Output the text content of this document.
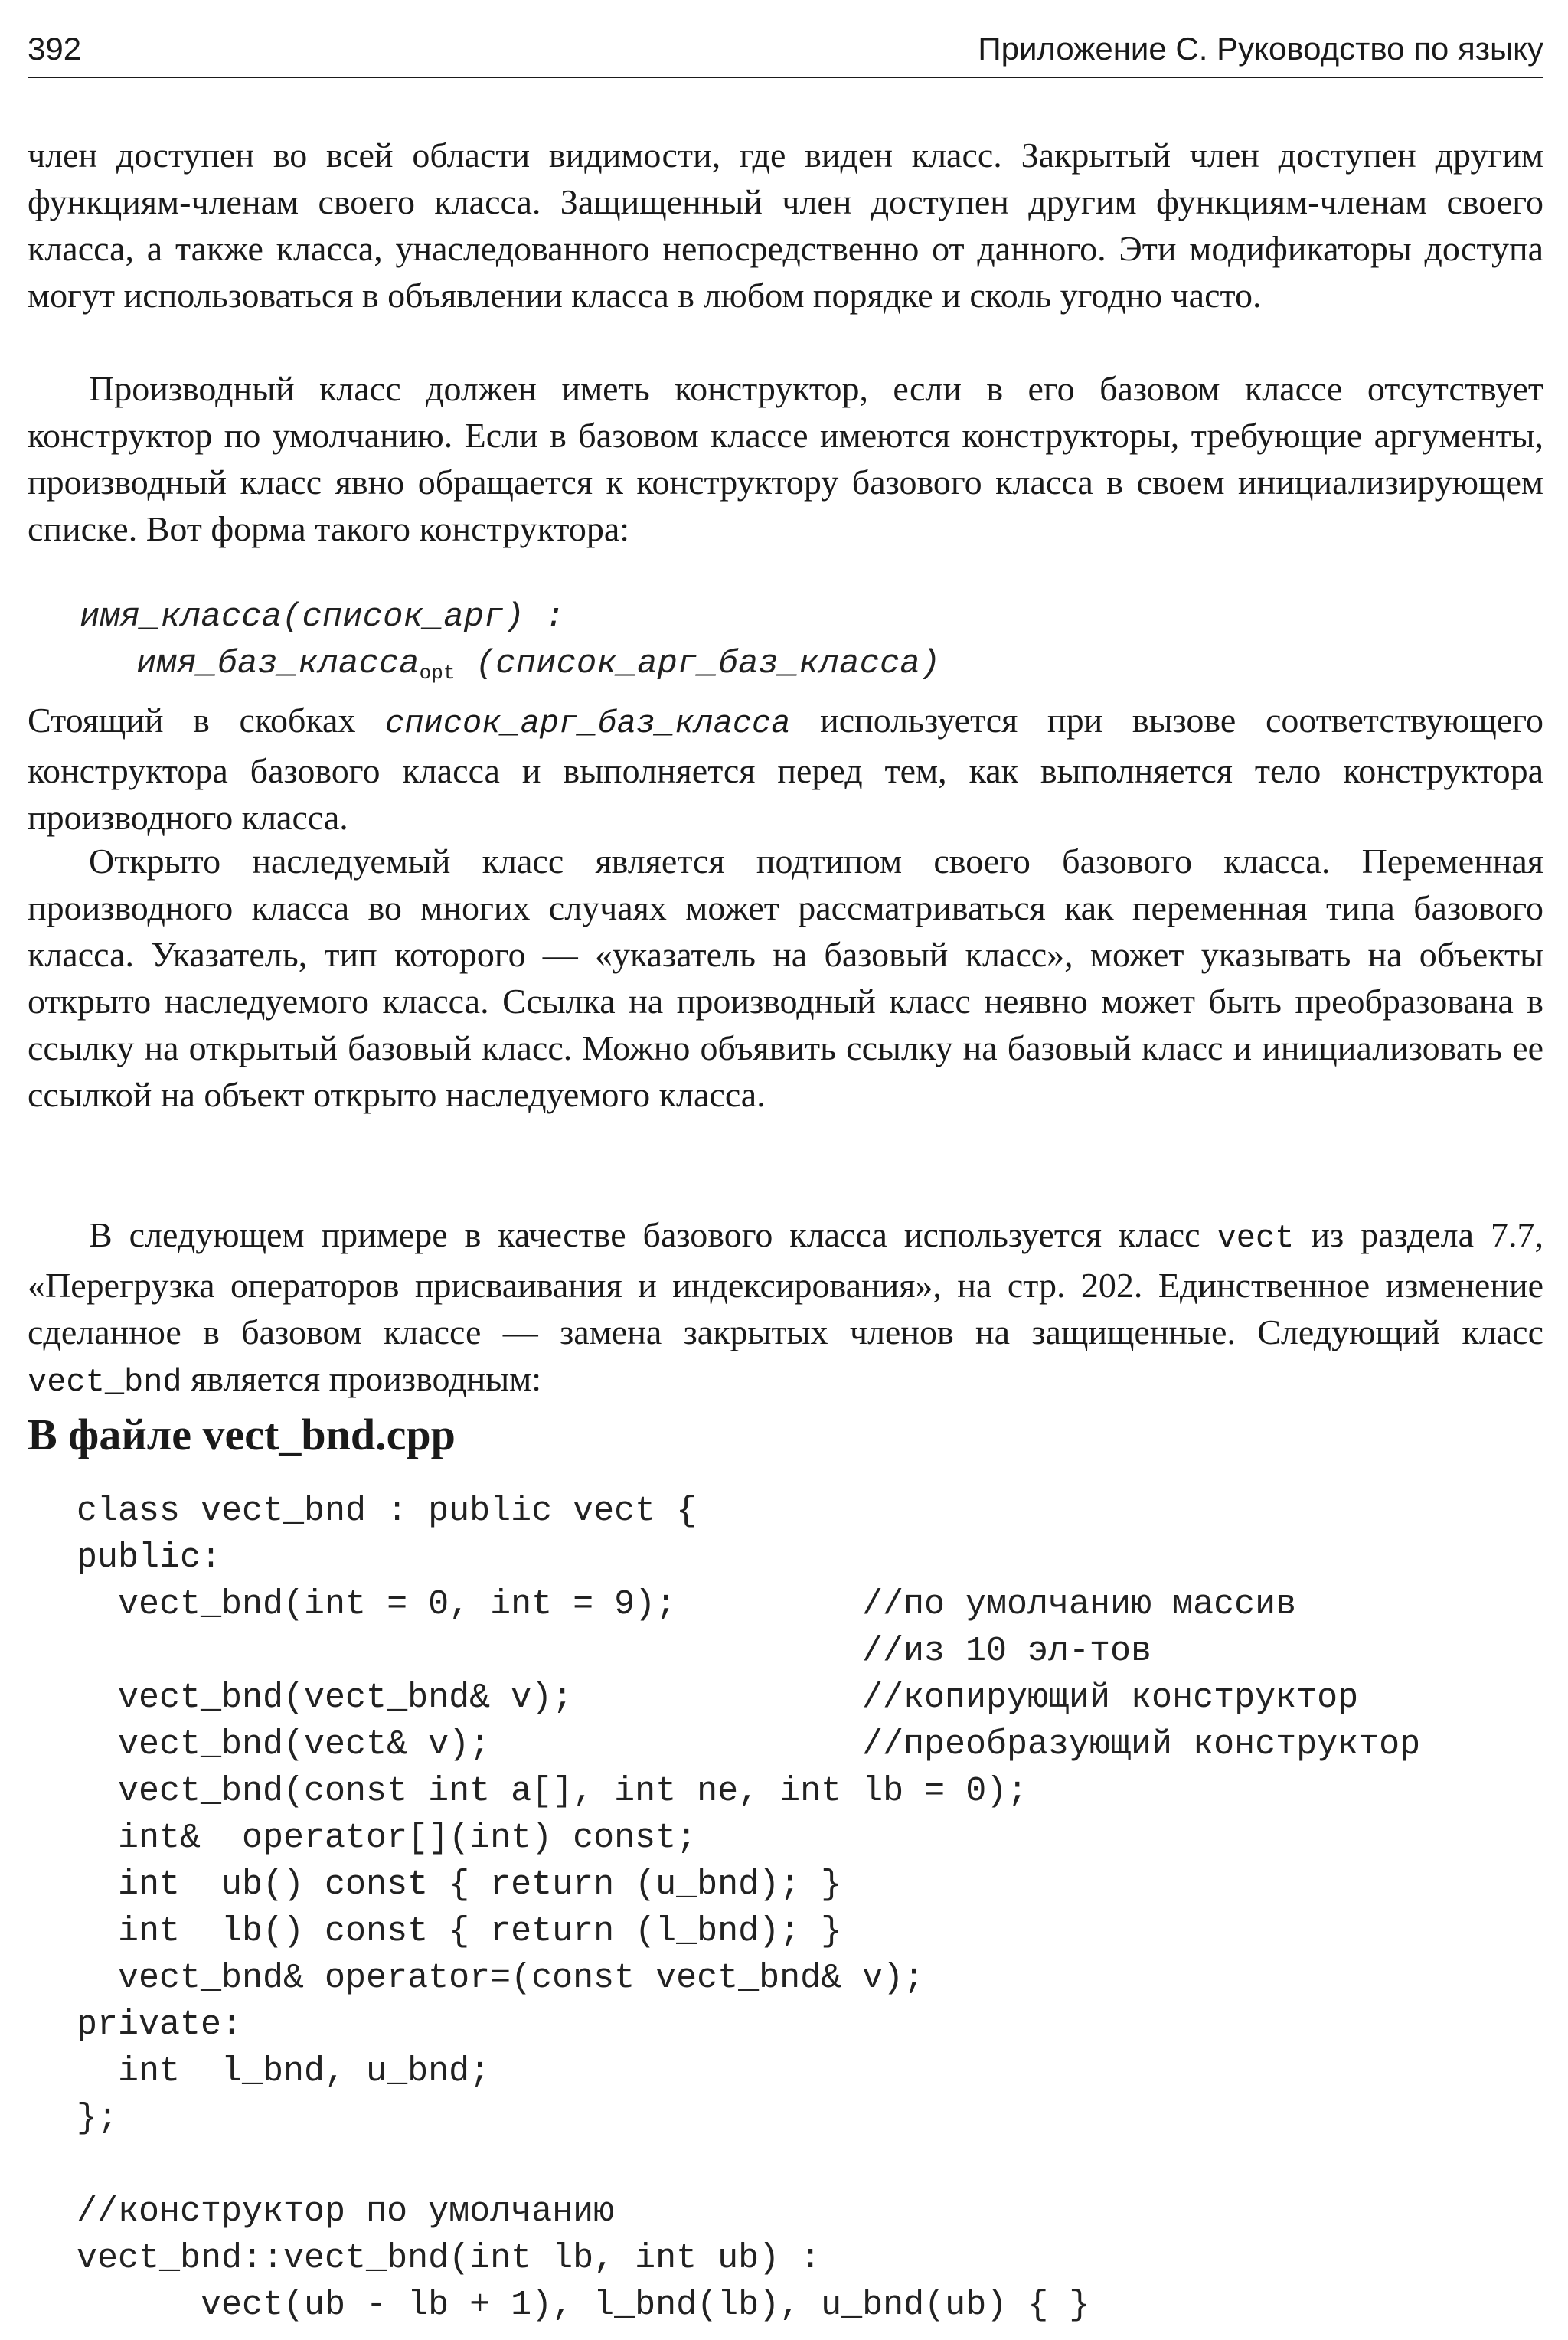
392	Приложение С. Руководство по языку

член доступен во всей области видимости, где виден класс. Закрытый член доступен другим функциям-членам своего класса. Защищенный член доступен другим функциям-членам своего класса, а также класса, унаследованного непосредственно от данного. Эти модификаторы доступа могут использоваться в объявлении класса в любом порядке и сколь угодно часто.

Производный класс должен иметь конструктор, если в его базовом классе отсутствует конструктор по умолчанию. Если в базовом классе имеются конструкторы, требующие аргументы, производный класс явно обращается к конструктору базового класса в своем инициализирующем списке. Вот форма такого конструктора:

имя_класса(список_арг) :
имя_баз_класса$_{opt}$ (список_арг_баз_класса)

Стоящий в скобках список_арг_баз_класса используется при вызове соответствующего конструктора базового класса и выполняется перед тем, как выполняется тело конструктора производного класса.

Открыто наследуемый класс является подтипом своего базового класса. Переменная производного класса во многих случаях может рассматриваться как переменная типа базового класса. Указатель, тип которого — «указатель на базовый класс», может указывать на объекты открыто наследуемого класса. Ссылка на производный класс неявно может быть преобразована в ссылку на открытый базовый класс. Можно объявить ссылку на базовый класс и инициализовать ее ссылкой на объект открыто наследуемого класса.

В следующем примере в качестве базового класса используется класс vect из раздела 7.7, «Перегрузка операторов присваивания и индексирования», на стр. 202. Единственное изменение сделанное в базовом классе — замена закрытых членов на защищенные. Следующий класс vect_bnd является производным:

В файле vect_bnd.cpp
class vect_bnd : public vect {
public:
vect_bnd(int = 0, int = 9);
vect_bnd(vect_bnd& v);
vect_bnd(vect& v);
vect_bnd(const int a[], int ne, int lb = 0);
int&  operator[](int) const;
int  ub() const { return (u_bnd); }
int  lb() const { return (l_bnd); }
vect_bnd& operator=(const vect_bnd& v);
private:
int  l_bnd, u_bnd;
};
//конструктор по умолчанию
vect_bnd::vect_bnd(int lb, int ub) :
vect(ub - lb + 1), l_bnd(lb), u_bnd(ub) { }
//по умолчанию массив
//из 10 эл-тов
//копирующий конструктор
//преобразующий конструктор
